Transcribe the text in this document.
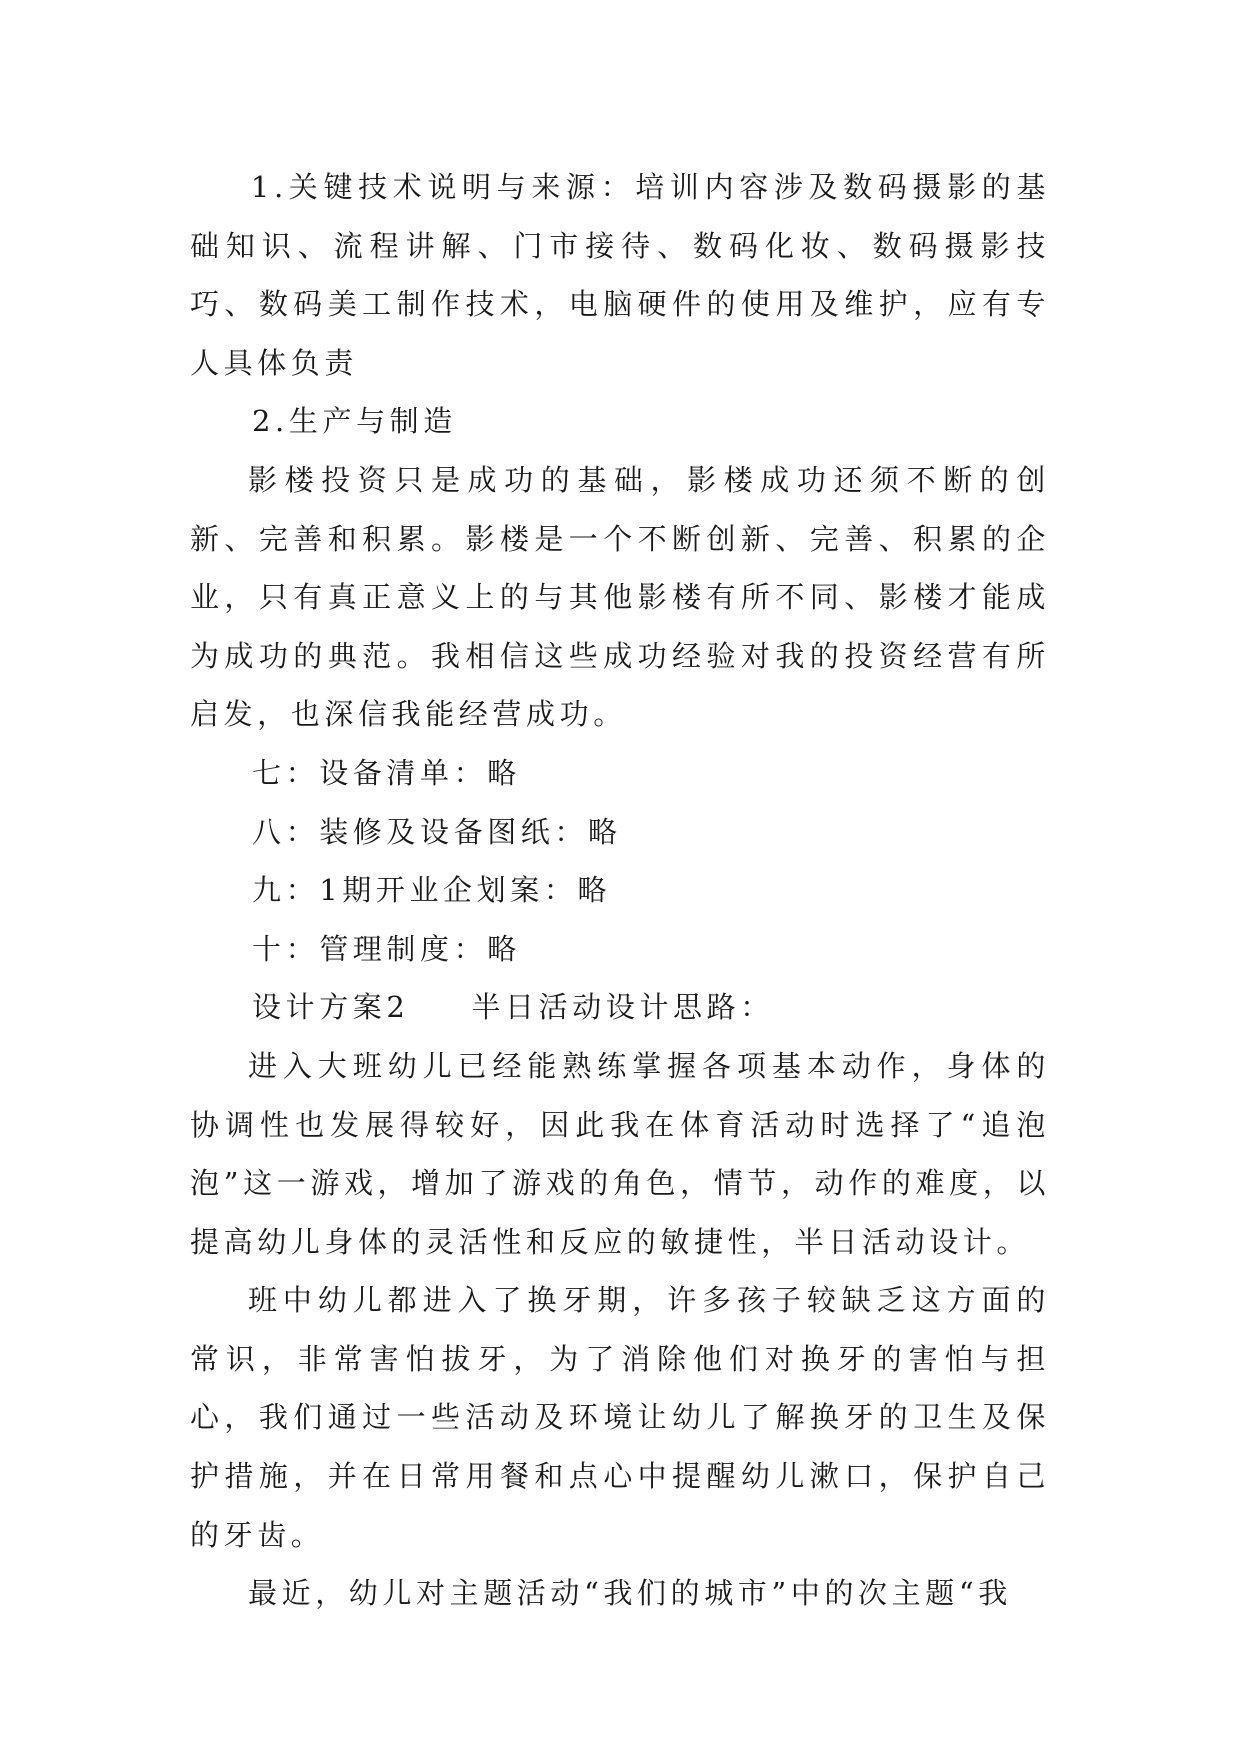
1.关键技术说明与来源：培训内容涉及数码摄影的基础知识、流程讲解、门市接待、数码化妆、数码摄影技巧、数码美工制作技术，电脑硬件的使用及维护，应有专人具体负责

2.生产与制造

影楼投资只是成功的基础，影楼成功还须不断的创新、完善和积累。影楼是一个不断创新、完善、积累的企业，只有真正意义上的与其他影楼有所不同、影楼才能成为成功的典范。我相信这些成功经验对我的投资经营有所启发，也深信我能经营成功。

七：设备清单：略

八：装修及设备图纸：略

九：1期开业企划案：略

十：管理制度：略

设计方案2 半日活动设计思路：

进入大班幼儿已经能熟练掌握各项基本动作，身体的协调性也发展得较好，因此我在体育活动时选择了“追泡泡”这一游戏，增加了游戏的角色，情节，动作的难度，以提高幼儿身体的灵活性和反应的敏捷性，半日活动设计。

班中幼儿都进入了换牙期，许多孩子较缺乏这方面的常识，非常害怕拔牙，为了消除他们对换牙的害怕与担心，我们通过一些活动及环境让幼儿了解换牙的卫生及保护措施，并在日常用餐和点心中提醒幼儿漱口，保护自己的牙齿。

最近，幼儿对主题活动“我们的城市”中的次主题“我
